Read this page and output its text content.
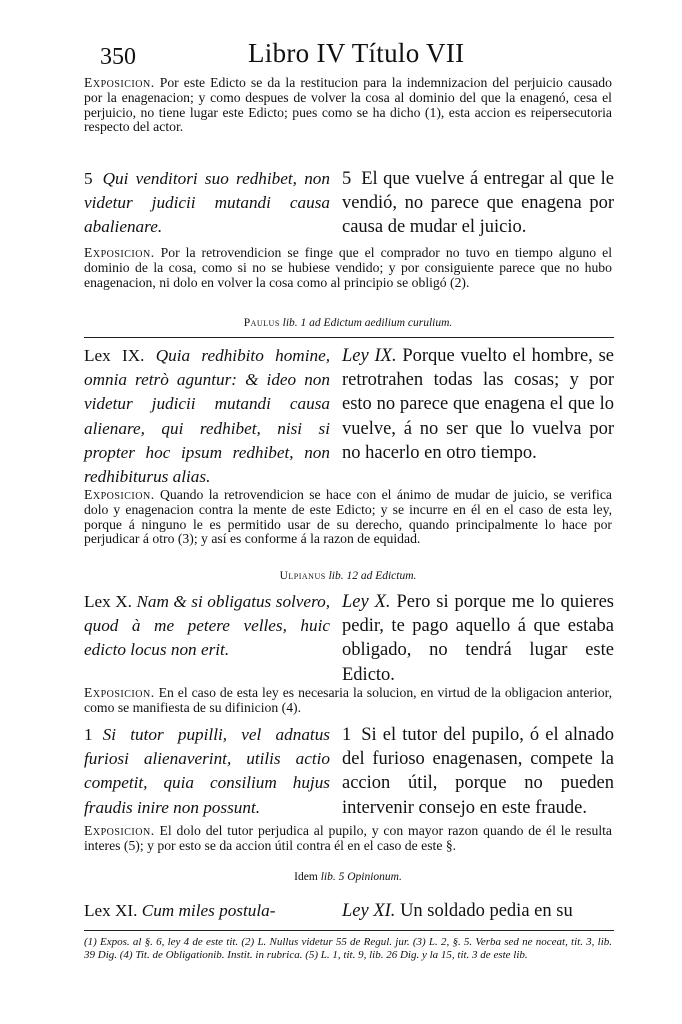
350	Libro IV Título VII

Exposicion. Por este Edicto se da la restitucion para la indemnizacion del perjuicio causado por la enagenacion; y como despues de volver la cosa al dominio del que la enagenó, cesa el perjuicio, no tiene lugar este Edicto; pues como se ha dicho (1), esta accion es reipersecutoria respecto del actor.

5 Qui venditori suo redhibet, non videtur judicii mutandi causa abalienare.

5 El que vuelve á entregar al que le vendió, no parece que enagena por causa de mudar el juicio.

Exposicion. Por la retrovendicion se finge que el comprador no tuvo en tiempo alguno el dominio de la cosa, como si no se hubiese vendido; y por consiguiente parece que no hubo enagenacion, ni dolo en volver la cosa como al principio se obligó (2).

Paulus lib. 1 ad Edictum aedilium curulium.

Lex IX. Quia redhibito homine, omnia retrò aguntur: & ideo non videtur judicii mutandi causa alienare, qui redhibet, nisi si propter hoc ipsum redhibet, non redhibiturus alias.

Ley IX. Porque vuelto el hombre, se retrotrahen todas las cosas; y por esto no parece que enagena el que lo vuelve, á no ser que lo vuelva por no hacerlo en otro tiempo.

Exposicion. Quando la retrovendicion se hace con el ánimo de mudar de juicio, se verifica dolo y enagenacion contra la mente de este Edicto; y se incurre en él en el caso de esta ley, porque á ninguno le es permitido usar de su derecho, quando principalmente lo hace por perjudicar á otro (3); y así es conforme á la razon de equidad.

Ulpianus lib. 12 ad Edictum.

Lex X. Nam & si obligatus solvero, quod à me petere velles, huic edicto locus non erit.

Ley X. Pero si porque me lo quieres pedir, te pago aquello á que estaba obligado, no tendrá lugar este Edicto.

Exposicion. En el caso de esta ley es necesaria la solucion, en virtud de la obligacion anterior, como se manifiesta de su difinicion (4).

1 Si tutor pupilli, vel adnatus furiosi alienaverint, utilis actio competit, quia consilium hujus fraudis inire non possunt.

1 Si el tutor del pupilo, ó el alnado del furioso enagenasen, compete la accion útil, porque no pueden intervenir consejo en este fraude.

Exposicion. El dolo del tutor perjudica al pupilo, y con mayor razon quando de él le resulta interes (5); y por esto se da accion útil contra él en el caso de este §.

Idem lib. 5 Opinionum.

Lex XI. Cum miles postula-	Ley XI. Un soldado pedia en su

(1) Expos. al §. 6, ley 4 de este tit. (2) L. Nullus videtur 55 de Regul. jur. (3) L. 2, §. 5. Verba sed ne noceat, tit. 3, lib. 39 Dig. (4) Tit. de Obligationib. Instit. in rubrica. (5) L. 1, tit. 9, lib. 26 Dig. y la 15, tit. 3 de este lib.
